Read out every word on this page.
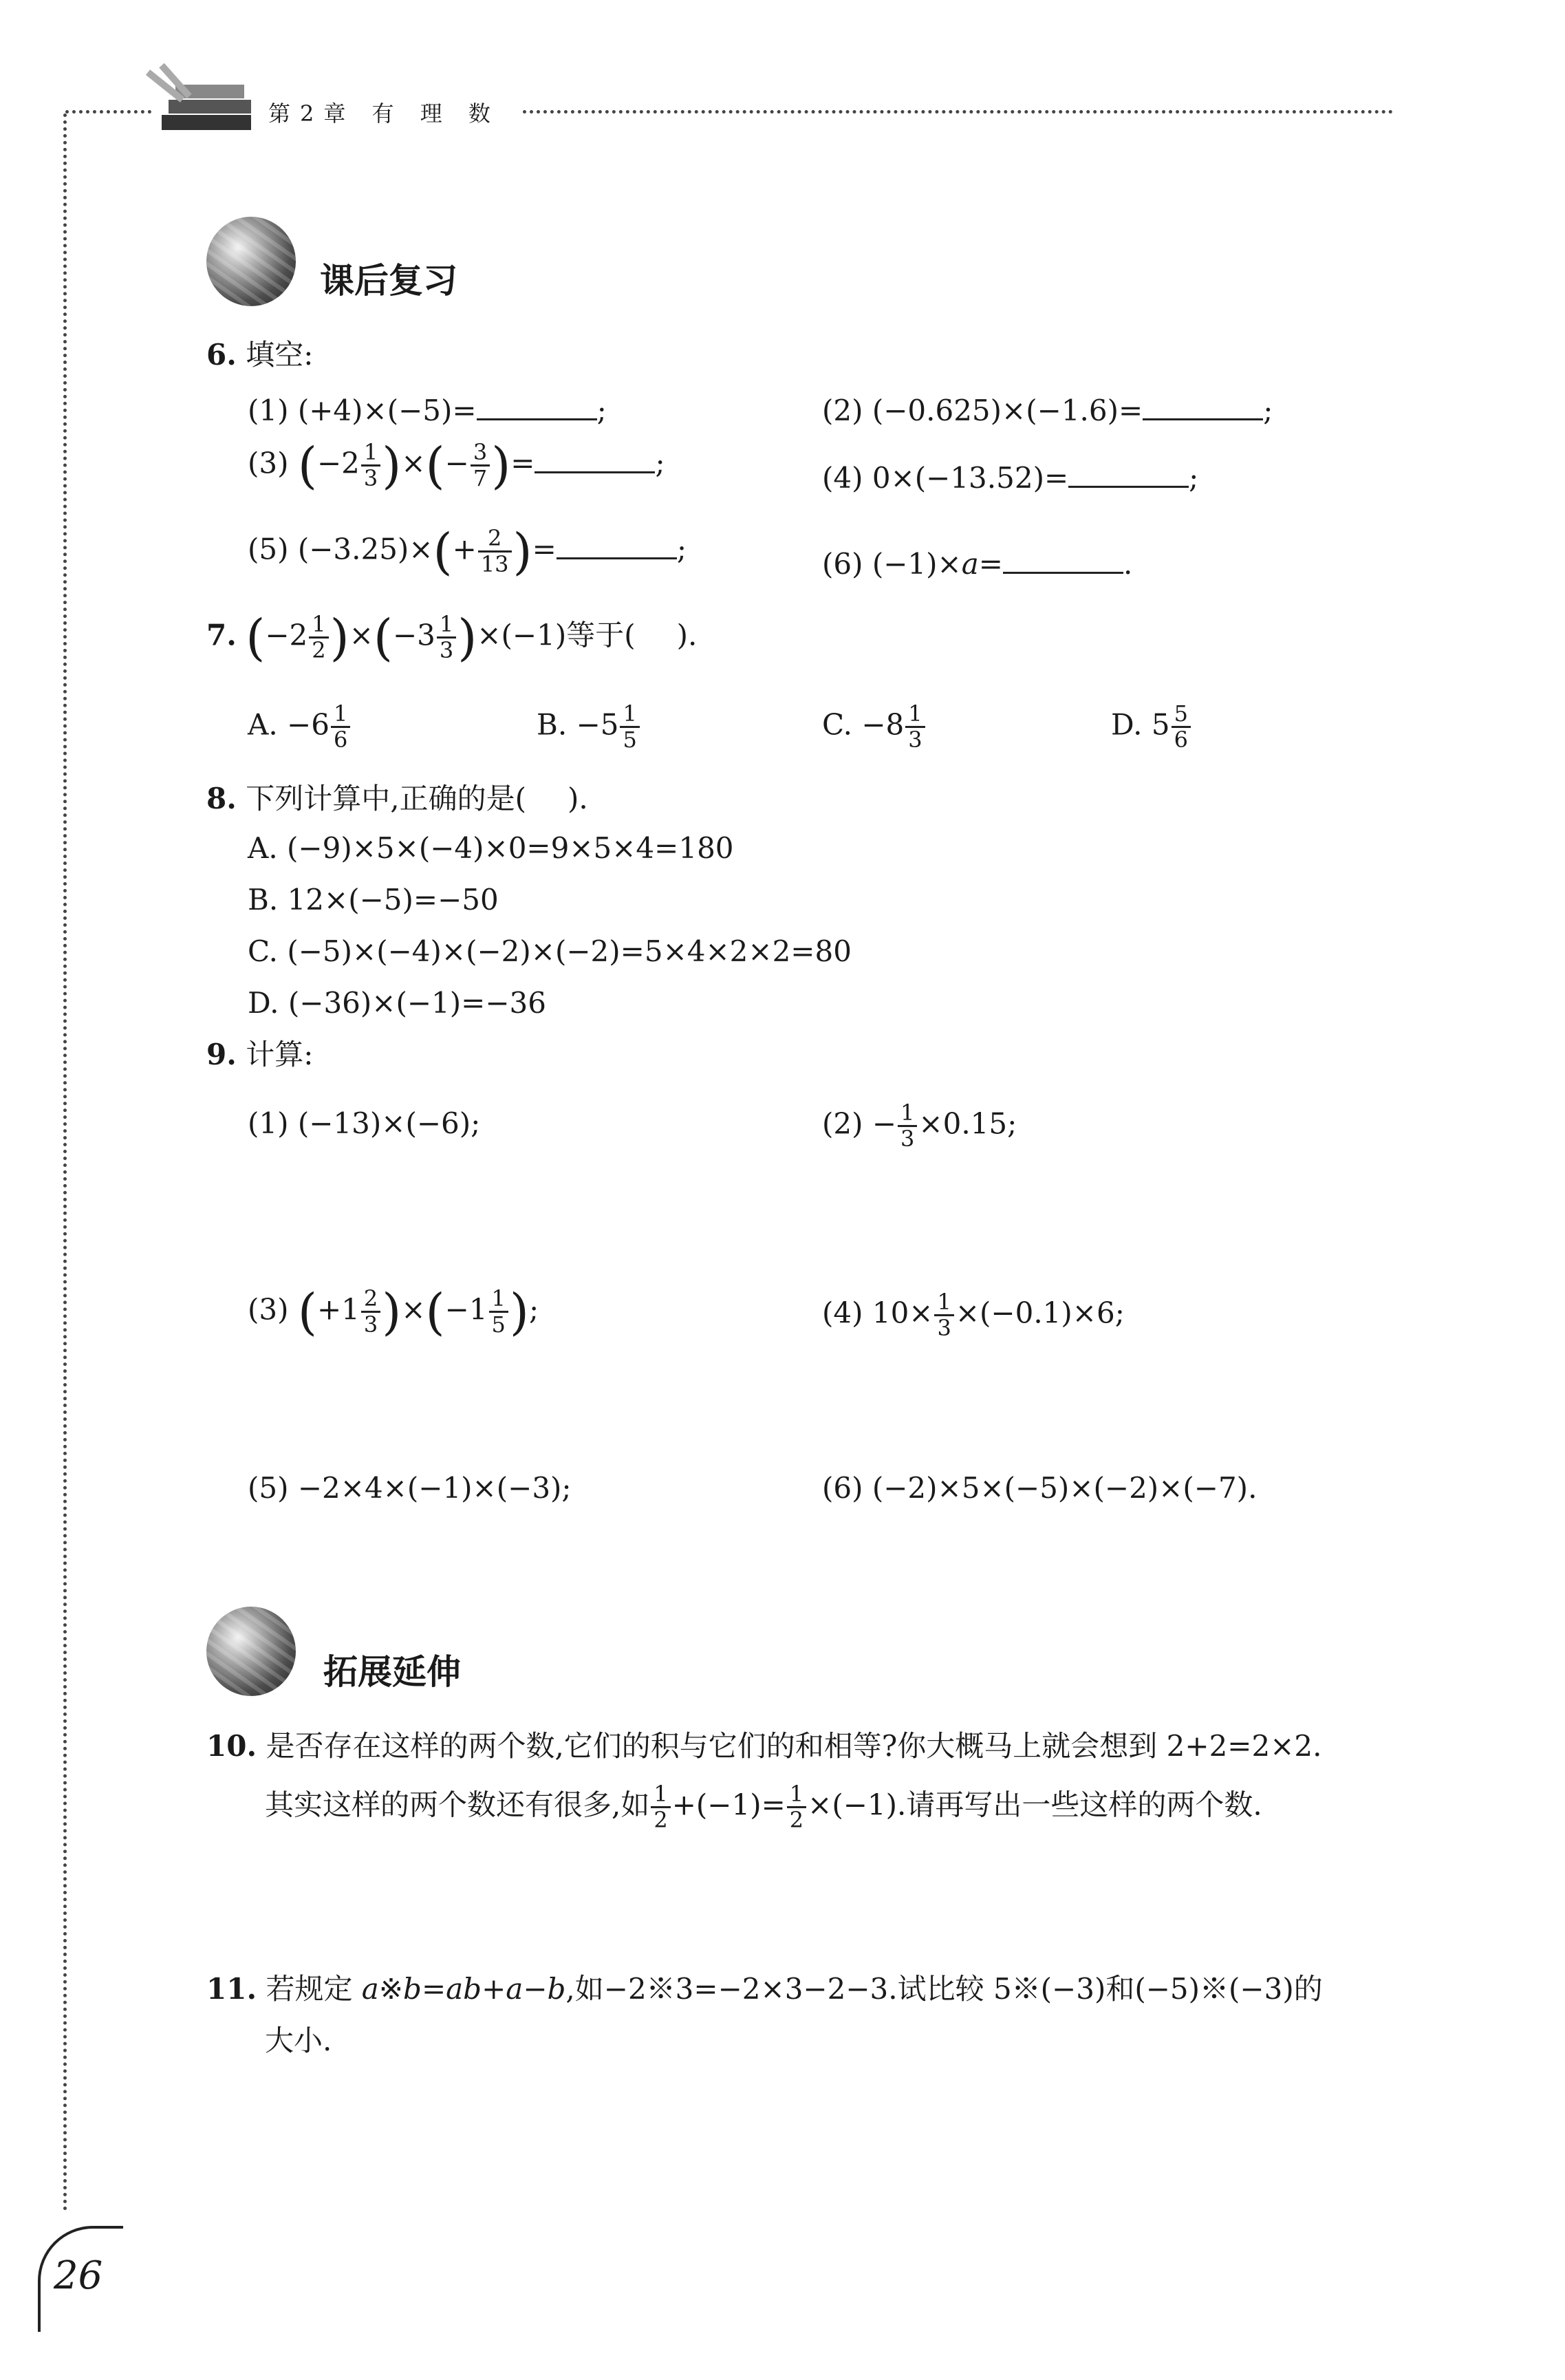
第2章 有 理 数
课后复习
6. 填空:
(1) (+4)×(−5)=	;	(2) (−0.625)×(−1.6)=	;
(3) ($-2 \frac{1}{3}$ )×(− $\frac{3}{7}$ )=	;	(4) 0×(−13.52)=	;
(5) $(-3.25)\times(+ \frac{2}{13}$ )=	;	(6) (−1)×a=	.
7. $(-2 \frac{1}{2} )\times(-3 \frac{1}{3} )\times(-1)$等于( ).
A. $-6 \frac{1}{6}$	B. $-5 \frac{1}{5}$	C. $-8 \frac{1}{3}$	D. $5 \frac{5}{6}$
8. 下列计算中,正确的是( ).
A. (−9)×5×(−4)×0=9×5×4=180
B. 12×(−5)=−50
C. (−5)×(−4)×(−2)×(−2)=5×4×2×2=80
D. (−36)×(−1)=−36
9. 计算:
(1) (−13)×(−6);	$(2) - \frac{1}{3} \times 0.15$;
(3) $(+1 \frac{2}{3} )\times(-1 \frac{1}{5}$ );	(4) $10\times \frac{1}{3} \times(-0.1)\times 6$;
(5) −2×4×(−1)×(−3);	(6) (−2)×5×(−5)×(−2)×(−7).
拓展延伸
10. 是否存在这样的两个数,它们的积与它们的和相等?你大概马上就会想到 2+2=2×2.
其实这样的两个数还有很多,如 $\frac{1}{2} +(-1)= \frac{1}{2} \times(-1)$.请再写出一些这样的两个数.
11. 若规定 a※b=ab+a−b,如−2※3=−2×3−2−3.试比较 5※(−3)和(−5)※(−3)的
大小.
26
